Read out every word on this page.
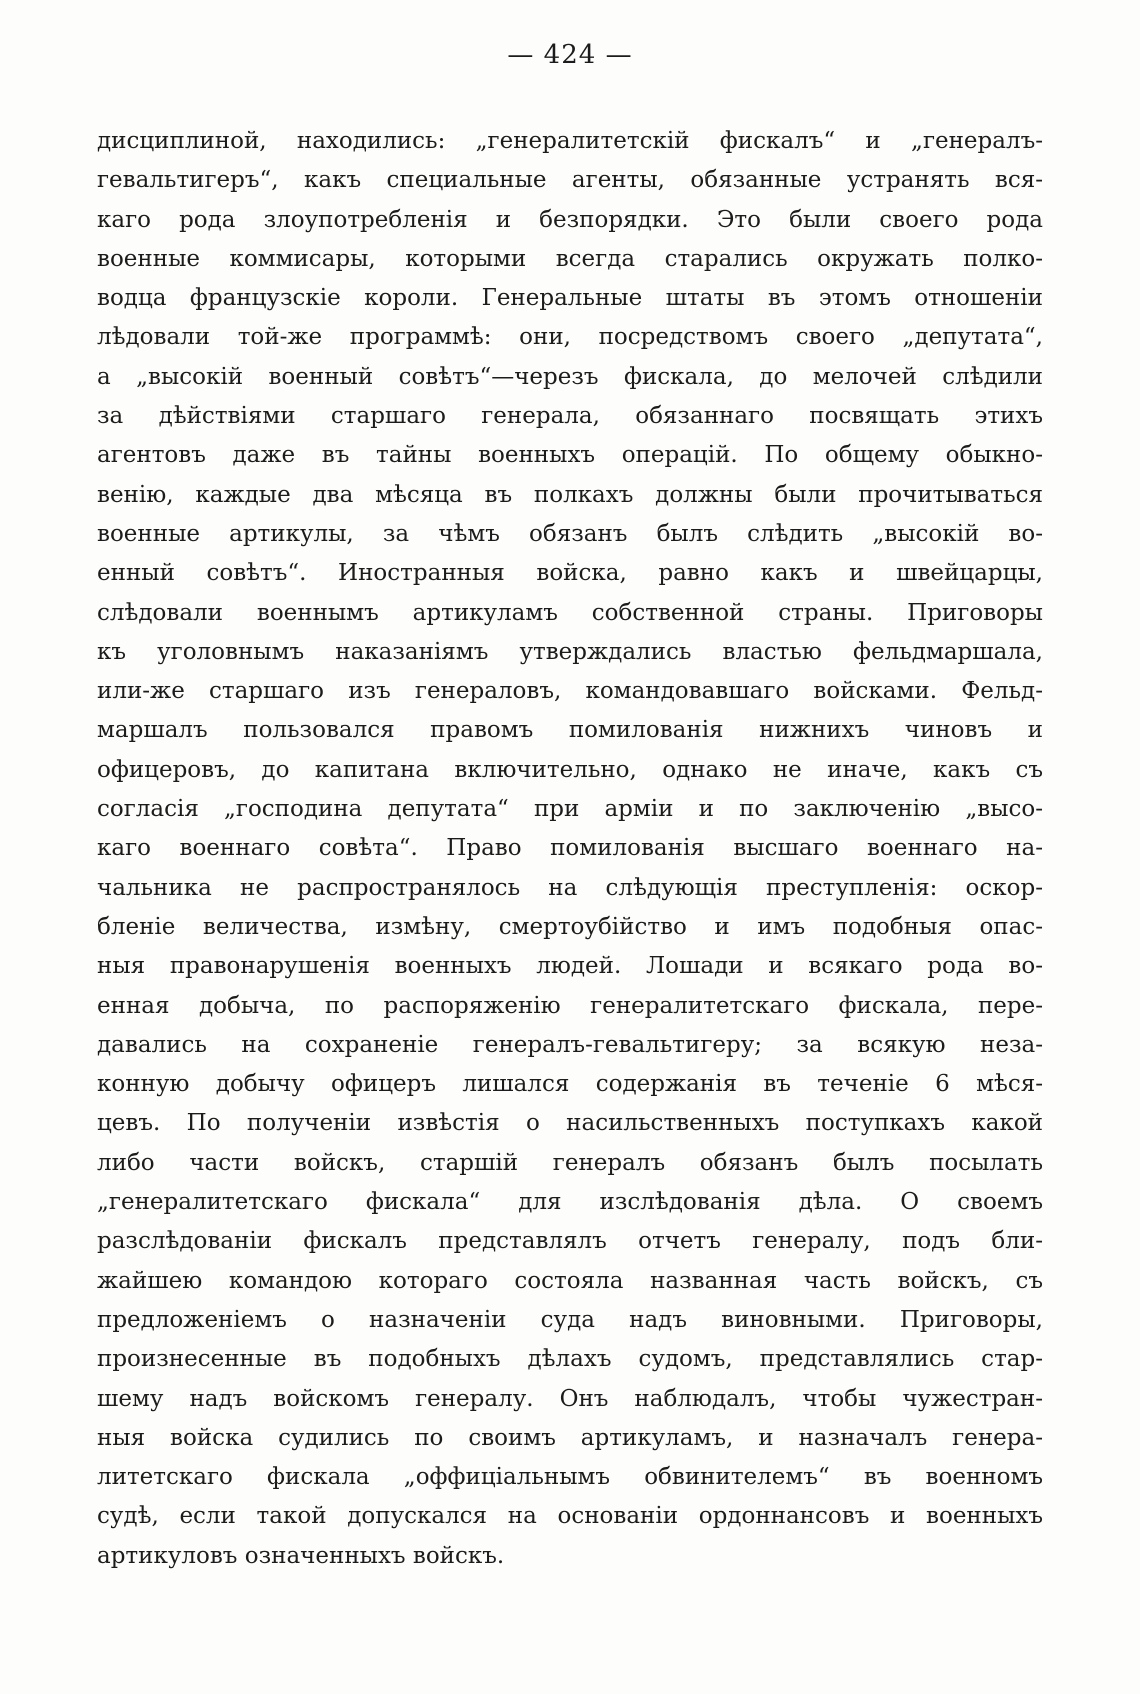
— 424 —

дисциплиной, находились: „генералитетскій фискалъ“ и „генералъ-
гевальтигеръ“, какъ специальные агенты, обязанные устранять вся-
каго рода злоупотребленія и безпорядки. Это были своего рода
военные коммисары, которыми всегда старались окружать полко-
водца французскіе короли. Генеральные штаты въ этомъ отношеніи
лѣдовали той-же программѣ: они, посредствомъ своего „депутата“,
а „высокій военный совѣтъ“—черезъ фискала, до мелочей слѣдили
за дѣйствіями старшаго генерала, обязаннаго посвящать этихъ
агентовъ даже въ тайны военныхъ операцій. По общему обыкно-
венію, каждые два мѣсяца въ полкахъ должны были прочитываться
военные артикулы, за чѣмъ обязанъ былъ слѣдить „высокій во-
енный совѣтъ“. Иностранныя войска, равно какъ и швейцарцы,
слѣдовали военнымъ артикуламъ собственной страны. Приговоры
къ уголовнымъ наказаніямъ утверждались властью фельдмаршала,
или-же старшаго изъ генераловъ, командовавшаго войсками. Фельд-
маршалъ пользовался правомъ помилованія нижнихъ чиновъ и
офицеровъ, до капитана включительно, однако не иначе, какъ съ
согласія „господина депутата“ при арміи и по заключенію „высо-
каго военнаго совѣта“. Право помилованія высшаго военнаго на-
чальника не распространялось на слѣдующія преступленія: оскор-
бленіе величества, измѣну, смертоубійство и имъ подобныя опас-
ныя правонарушенія военныхъ людей. Лошади и всякаго рода во-
енная добыча, по распоряженію генералитетскаго фискала, пере-
давались на сохраненіе генералъ-гевальтигеру; за всякую неза-
конную добычу офицеръ лишался содержанія въ теченіе 6 мѣся-
цевъ. По полученіи извѣстія о насильственныхъ поступкахъ какой
либо части войскъ, старшій генералъ обязанъ былъ посылать
„генералитетскаго фискала“ для изслѣдованія дѣла. О своемъ
разслѣдованіи фискалъ представлялъ отчетъ генералу, подъ бли-
жайшею командою котораго состояла названная часть войскъ, съ
предложеніемъ о назначеніи суда надъ виновными. Приговоры,
произнесенные въ подобныхъ дѣлахъ судомъ, представлялись стар-
шему надъ войскомъ генералу. Онъ наблюдалъ, чтобы чужестран-
ныя войска судились по своимъ артикуламъ, и назначалъ генера-
литетскаго фискала „оффиціальнымъ обвинителемъ“ въ военномъ
судѣ, если такой допускался на основаніи ордоннансовъ и военныхъ
артикуловъ означенныхъ войскъ.
